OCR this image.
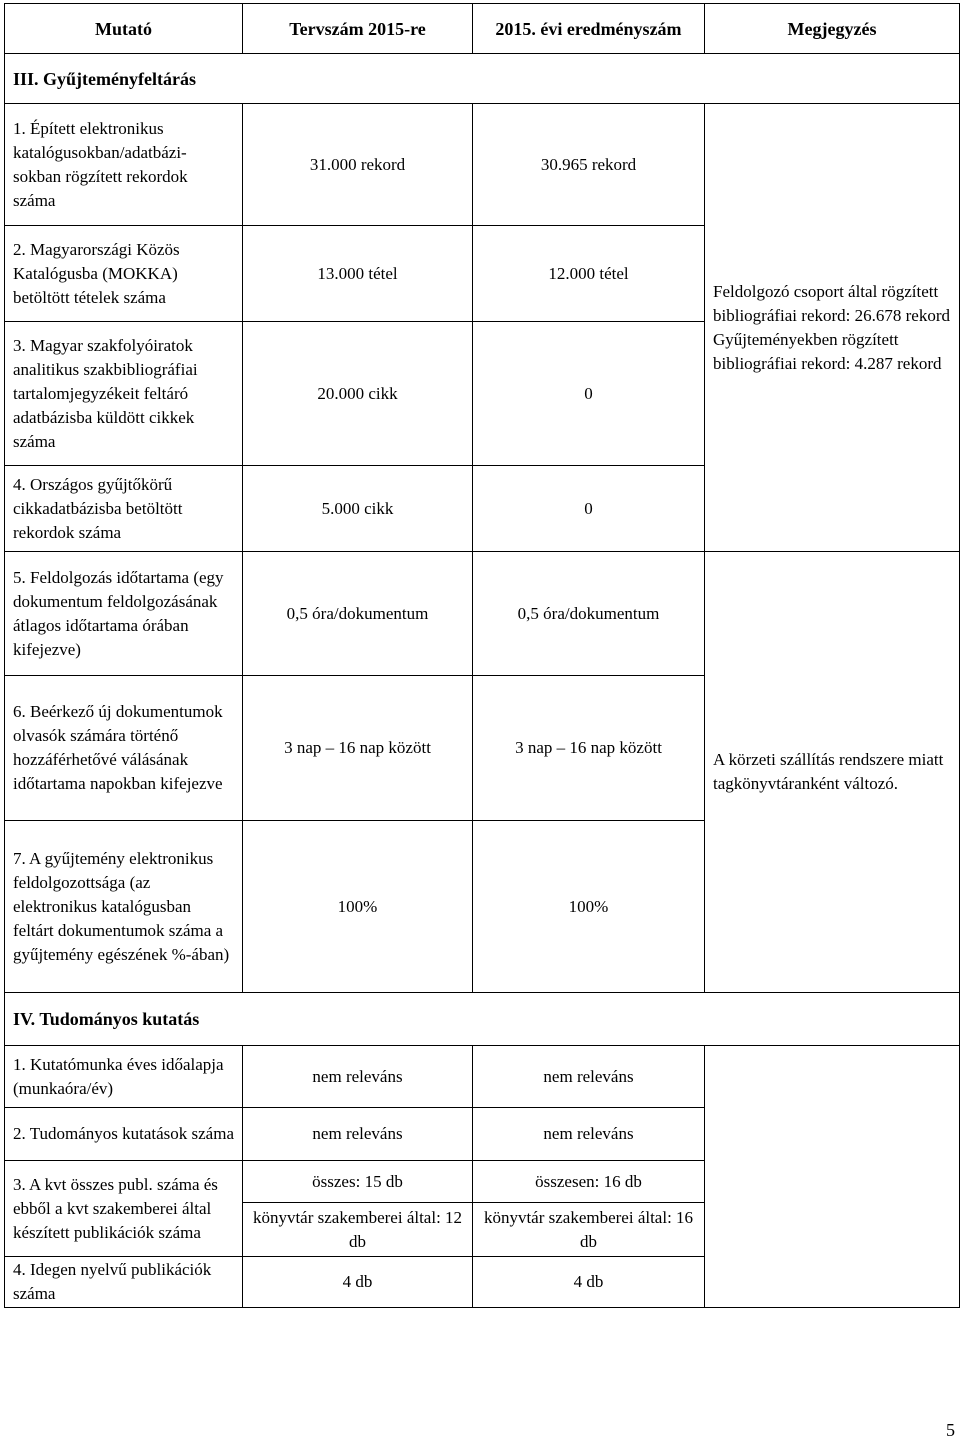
Mutató	Tervszám 2015-re	2015. évi eredményszám	Megjegyzés
III. Gyűjteményfeltárás			
1. Épített elektronikus katalógusokban/adatbázi-sokban rögzített rekordok száma	31.000 rekord	30.965 rekord	Feldolgozó csoport által rögzített bibliográfiai rekord: 26.678 rekord Gyűjteményekben rögzített bibliográfiai rekord: 4.287 rekord
2. Magyarországi Közös Katalógusba (MOKKA) betöltött tételek száma	13.000 tétel	12.000 tétel	
3. Magyar szakfolyóiratok analitikus szakbibliográfiai tartalomjegyzékeit feltáró adatbázisba küldött cikkek száma	20.000 cikk	0	
4. Országos gyűjtőkörű cikkadatbázisba betöltött rekordok száma	5.000 cikk	0	
5. Feldolgozás időtartama (egy dokumentum feldolgozásának átlagos időtartama órában kifejezve)	0,5 óra/dokumentum	0,5 óra/dokumentum	A körzeti szállítás rendszere miatt tagkönyvtáranként változó.
6. Beérkező új dokumentumok olvasók számára történő hozzáférhetővé válásának időtartama napokban kifejezve	3 nap – 16 nap között	3 nap – 16 nap között	
7. A gyűjtemény elektronikus feldolgozottsága (az elektronikus katalógusban feltárt dokumentumok száma a gyűjtemény egészének %-ában)	100%	100%	
IV. Tudományos kutatás			
1. Kutatómunka éves időalapja (munkaóra/év)	nem releváns	nem releváns	
2. Tudományos kutatások száma	nem releváns	nem releváns	
3. A kvt összes publ. száma és ebből a kvt szakemberei által készített publikációk száma	összes: 15 db	összesen: 16 db	
	könyvtár szakemberei által: 12 db	könyvtár szakemberei által: 16 db	
4. Idegen nyelvű publikációk száma	4 db	4 db	
5
